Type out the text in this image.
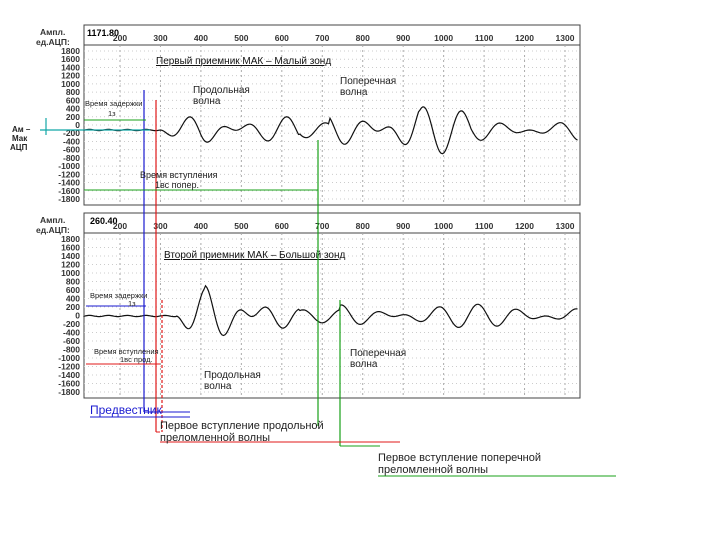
Ампл.
ед.АЦП:
1171.80
200	300	400	500	600	700	800	900	1000	1100	1200	1300
1800
1600
1400
1200
1000
800
600
400
200
0
-200
-400
-600
-800
-1000
-1200
-1400
-1600
-1800
Ампл.
ед.АЦП:
260.40
200	300	400	500	600	700	800	900	1000	1100	1200	1300
1800
1600
1400
1200
1000
800
600
400
200
0
-200
-400
-600
-800
-1000
-1200
-1400
-1600
-1800
Первый приемник МАК – Малый зонд
Второй приемник МАК – Большой зонд
Время задержки
1з
Время вступления
1вс попер.
Продольная волна
Поперечная волна
Ам – Мак АЦП
Время задержки
1з
Время вступления
1вс прод.
Поперечная волна
Продольная волна
Предвестник
Первое вступление продольной
преломленной волны
Первое вступление поперечной
преломленной волны
